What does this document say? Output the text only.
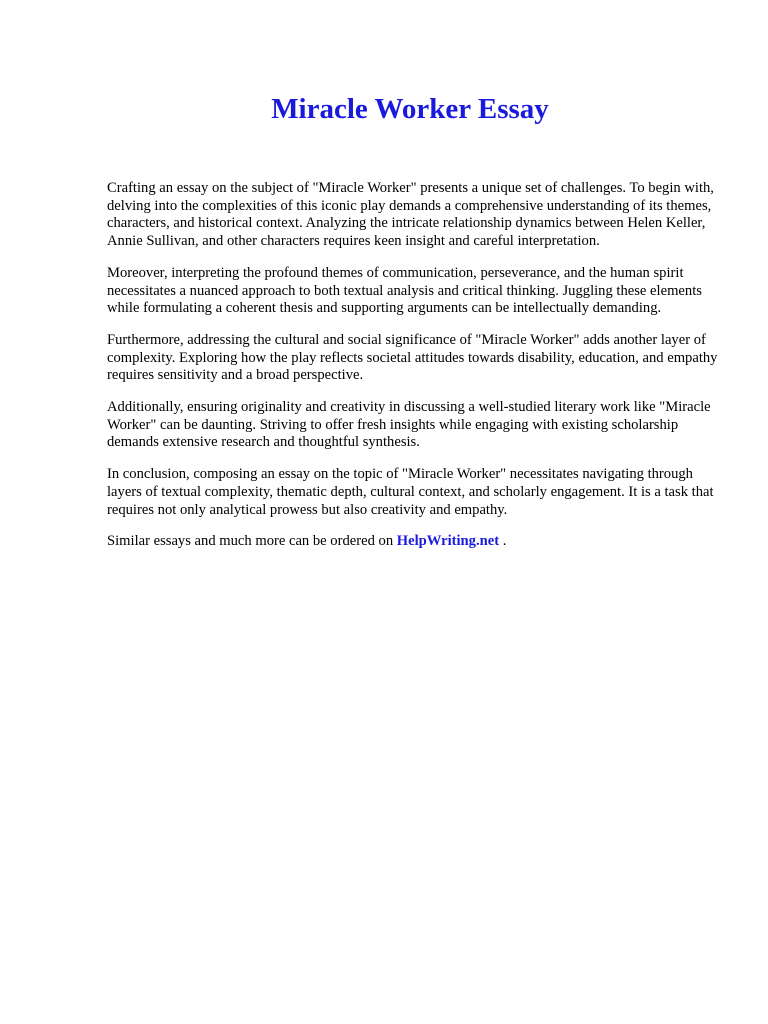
Miracle Worker Essay

Crafting an essay on the subject of "Miracle Worker" presents a unique set of challenges. To begin with, delving into the complexities of this iconic play demands a comprehensive understanding of its themes, characters, and historical context. Analyzing the intricate relationship dynamics between Helen Keller, Annie Sullivan, and other characters requires keen insight and careful interpretation.

Moreover, interpreting the profound themes of communication, perseverance, and the human spirit necessitates a nuanced approach to both textual analysis and critical thinking. Juggling these elements while formulating a coherent thesis and supporting arguments can be intellectually demanding.

Furthermore, addressing the cultural and social significance of "Miracle Worker" adds another layer of complexity. Exploring how the play reflects societal attitudes towards disability, education, and empathy requires sensitivity and a broad perspective.

Additionally, ensuring originality and creativity in discussing a well-studied literary work like "Miracle Worker" can be daunting. Striving to offer fresh insights while engaging with existing scholarship demands extensive research and thoughtful synthesis.

In conclusion, composing an essay on the topic of "Miracle Worker" necessitates navigating through layers of textual complexity, thematic depth, cultural context, and scholarly engagement. It is a task that requires not only analytical prowess but also creativity and empathy.

Similar essays and much more can be ordered on HelpWriting.net .
